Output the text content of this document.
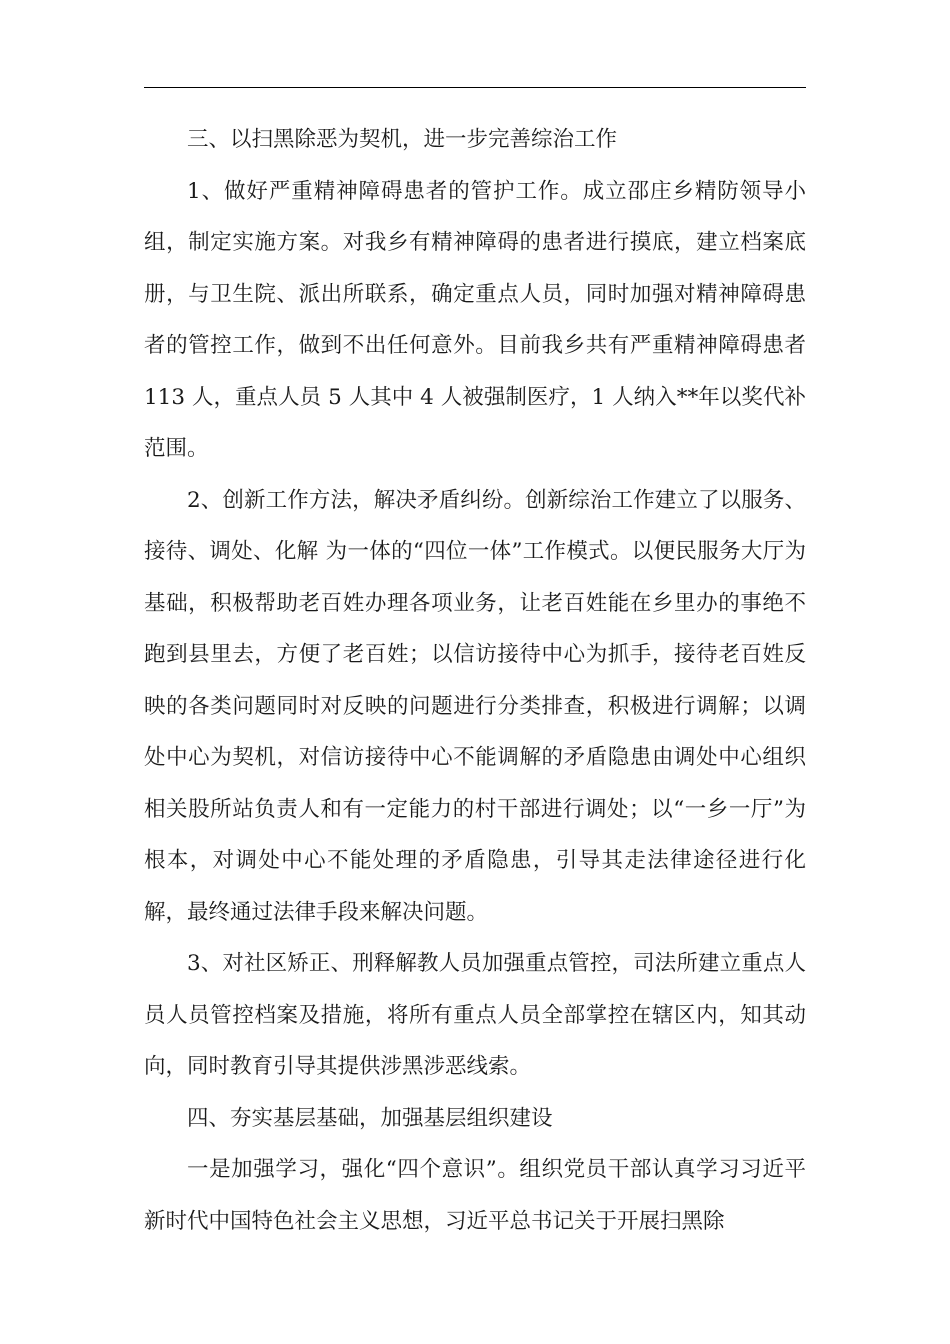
三、以扫黑除恶为契机，进一步完善综治工作

1、做好严重精神障碍患者的管护工作。成立邵庄乡精防领导小组，制定实施方案。对我乡有精神障碍的患者进行摸底，建立档案底册，与卫生院、派出所联系，确定重点人员，同时加强对精神障碍患者的管控工作，做到不出任何意外。目前我乡共有严重精神障碍患者 113 人，重点人员 5 人其中 4 人被强制医疗，1 人纳入**年以奖代补范围。

2、创新工作方法，解决矛盾纠纷。创新综治工作建立了以服务、接待、调处、化解 为一体的“四位一体”工作模式。以便民服务大厅为基础，积极帮助老百姓办理各项业务，让老百姓能在乡里办的事绝不跑到县里去，方便了老百姓；以信访接待中心为抓手，接待老百姓反映的各类问题同时对反映的问题进行分类排查，积极进行调解；以调处中心为契机，对信访接待中心不能调解的矛盾隐患由调处中心组织相关股所站负责人和有一定能力的村干部进行调处；以“一乡一厅”为根本，对调处中心不能处理的矛盾隐患，引导其走法律途径进行化解，最终通过法律手段来解决问题。

3、对社区矫正、刑释解教人员加强重点管控，司法所建立重点人员人员管控档案及措施，将所有重点人员全部掌控在辖区内，知其动向，同时教育引导其提供涉黑涉恶线索。

四、夯实基层基础，加强基层组织建设

一是加强学习，强化“四个意识”。组织党员干部认真学习习近平新时代中国特色社会主义思想，习近平总书记关于开展扫黑除
